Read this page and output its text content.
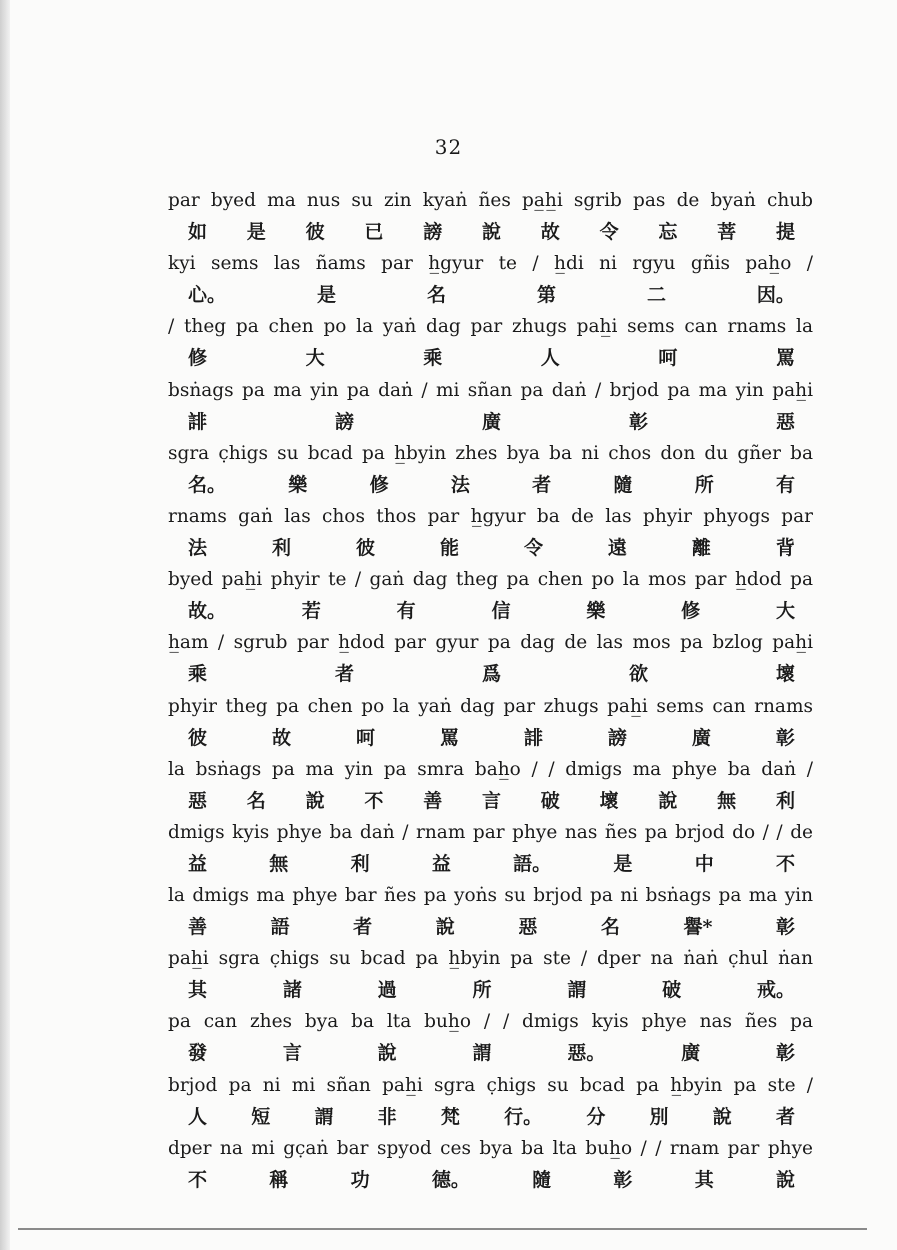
32
par byed ma nus su zin kyaṅ ñes pa̲h̲i sgrib pas de byaṅ chub
如 是 彼 已 謗 說 故 令 忘 菩 提
kyi sems las ñams par h̲gyur te / h̲di ni rgyu gñis pah̲o /
心。	是	名	第	二	因。
/ theg pa chen po la yaṅ dag par zhugs pah̲i sems can rnams la
修	大	乘	人	呵	罵
bsṅags pa ma yin pa daṅ / mi sñan pa daṅ / brjod pa ma yin pah̲i
誹	謗	廣	彰	惡
sgra c̣higs su bcad pa h̲byin zhes bya ba ni chos don du gñer ba
名。	樂	修	法	者	隨	所	有
rnams gaṅ las chos thos par h̲gyur ba de las phyir phyogs par
法	利	彼	能	令	遠	離	背
byed pah̲i phyir te / gaṅ dag theg pa chen po la mos par h̲dod pa
故。	若	有	信	樂	修	大
h̲am / sgrub par h̲dod par gyur pa dag de las mos pa bzlog pah̲i
乘	者	爲	欲	壞
phyir theg pa chen po la yaṅ dag par zhugs pah̲i sems can rnams
彼	故	呵	罵	誹	謗	廣	彰
la bsṅags pa ma yin pa smra bah̲o / / dmigs ma phye ba daṅ /
惡 名 說 不 善 言 破 壞 說 無 利
dmigs kyis phye ba daṅ / rnam par phye nas ñes pa brjod do / / de
益	無	利	益	語。	是	中	不
la dmigs ma phye bar ñes pa yoṅs su brjod pa ni bsṅags pa ma yin
善	語	者	說	惡	名	譽*	彰
pah̲i sgra c̣higs su bcad pa h̲byin pa ste / dper na ṅaṅ c̣hul ṅan
其	諸	過	所	謂	破	戒。
pa can zhes bya ba lta buh̲o / / dmigs kyis phye nas ñes pa
發	言	說	謂	惡。	廣	彰
brjod pa ni mi sñan pah̲i sgra c̣higs su bcad pa h̲byin pa ste /
人 短 謂 非 梵 行。 分 別 說 者
dper na mi gc̣aṅ bar spyod ces bya ba lta buh̲o / / rnam par phye
不	稱	功	德。	隨	彰	其	說
